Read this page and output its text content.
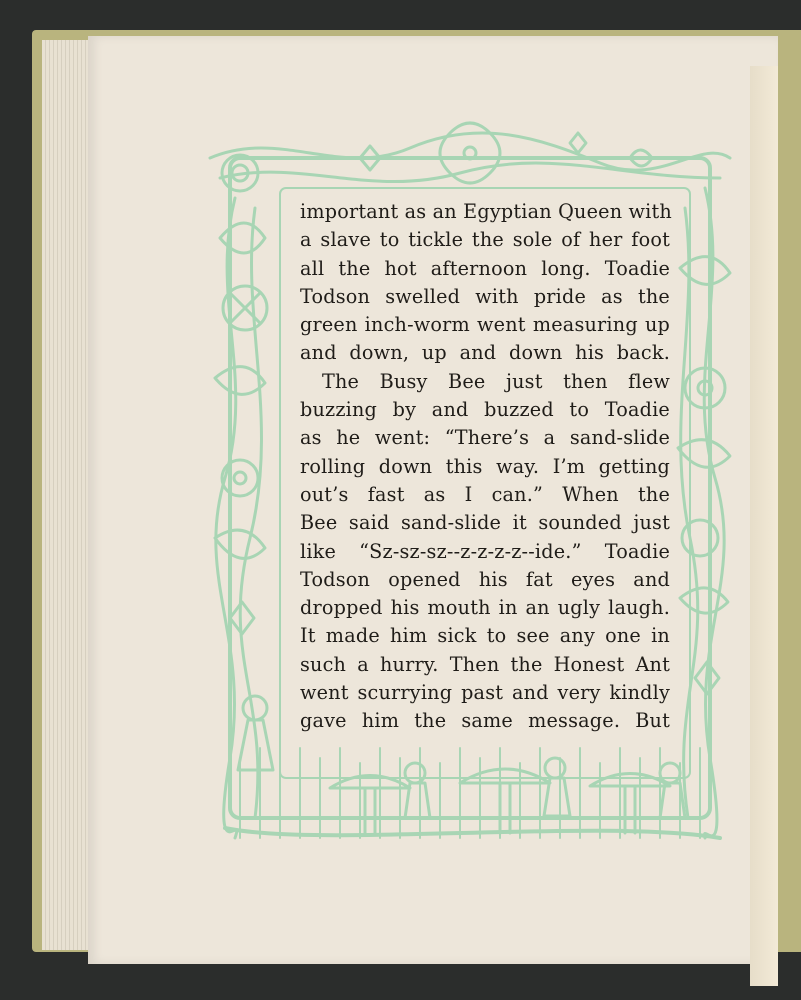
important as an Egyptian Queen with
a slave to tickle the sole of her foot
all the hot afternoon long. Toadie
Todson swelled with pride as the
green inch-worm went measuring up
and down, up and down his back.
The Busy Bee just then flew
buzzing by and buzzed to Toadie
as he went: “There’s a sand-slide
rolling down this way. I’m getting
out’s fast as I can.” When the
Bee said sand-slide it sounded just
like “Sz-sz-sz--z-z-z-z--ide.” Toadie
Todson opened his fat eyes and
dropped his mouth in an ugly laugh.
It made him sick to see any one in
such a hurry. Then the Honest Ant
went scurrying past and very kindly
gave him the same message. But
